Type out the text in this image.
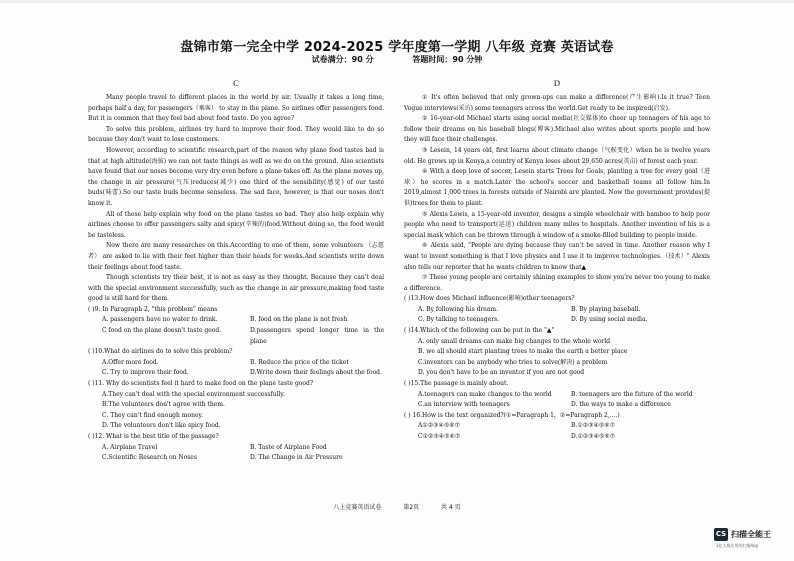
盘锦市第一完全中学 2024-2025 学年度第一学期 八年级 竞赛 英语试卷
试卷满分：90 分	答题时间：90 分钟
C

Many people travel to different places in the world by air. Usually it takes a long time, perhaps half a day, for passengers（乘客） to stay in the plane. So airlines offer passengers food. But it is common that they feel bad about food taste. Do you agree?

To solve this problem, airlines try hard to improve their food. They would like to do so because they don't want to lose customers.

However, according to scientific research,part of the reason why plane food tastes bad is that at high altitude(海拔) we can not taste things as well as we do on the ground. Also scientists have found that our noses become very dry even before a plane takes off. As the plane moves up, the change in air pressure(气压)reduces(减少) one third of the sensibility(感觉) of our taste buds(味蕾).So our taste buds become senseless. The sad face, however, is that our noses don't know it.

All of these help explain why food on the plane tastes so bad. They also help explain why airlines choose to offer passengers salty and spicy(辛辣的)food.Without doing so, the food would be tasteless.

Now there are many researches on this.According to one of them, some volunteers （志愿者） are asked to lie with their feet higher than their heads for weeks.And scientists write down their feelings about food taste.

Though scientists try their best, it is not as easy as they thought. Because they can't deal with the special environment successfully, such as the change in air pressure,making food taste good is still hard for them.

( )9. In Paragraph 2, "this problem" means

A. passengers have no water to drink.	B. food on the plane is not fresh
C food on the plane doesn't taste good.	D.passengers spend longer time in the plane

( )10.What do airlines do to solve this problem?

A.Offer more food.	B. Reduce the price of the ticket
C. Try to improve their food.	D.Write down their feelings about the food.

( )11. Why do scientists feel it hard to make food on the plane taste good?

A.They can't deal with the special environment successfully.
B.The volunteers don't agree with them.
C. They can't find enough money.
D. The volunteers don't like spicy food.

( )12. What is the best title of the passage?

A. Airplane Travel	B. Taste of Airplane Food
C.Scientific Research on Noses	D. The Change in Air Pressure
D

① It's often believed that only grown-ups can make a difference(产生影响).Is it true? Teen Vogue interviews(采访) some teenagers across the world.Get ready to be inspired(启发).

② 16-year-old Michael starts using social media(社交媒体)to cheer up teenagers of his age to follow their dreams on his baseball blogs(博客).Michael also writes about sports people and how they will face their challenges.

③ Lesein, 14 years old, first learns about climate change（气候变化）when he is twelve years old. He grows up in Kenya,a country of Kenya loses about 29,650 acres(英亩) of forest each year.

④ With a deep love of soccer, Lesein starts Trees for Goals, planting a tree for every goal（进球）he scores in a match.Later the school's soccer and basketball teams all follow him.In 2019,almost 1,000 trees in forests outside of Nairobi are planted. Now the government provides(提供)trees for them to plant.

⑤ Alexis Lewis, a 15-year-old inventor, designs a simple wheelchair with bamboo to help poor people who need to transport(运送) children many miles to hospitals. Another invention of his is a special mask which can be thrown through a window of a smoke-filled building to people inside.

⑥ Alexis said, "People are dying because they can't be saved in time. Another reason why I want to invent something is that I love physics and I use it to improve technologies.（技术）" Alexis also tells our reporter that he wants children to know that▲

⑦ These young people are certainly shining examples to show you're never too young to make a difference.

( )13.How does Michael influence(影响)other teenagers?

A. By following his dream.	B. By playing baseball.
C. By talking to teenagers.	D. By using social media.

( )14.Which of the following can be put in the "▲"

A. only small dreams can make big changes to the whole world
B. we all should start planting trees to make the earth a better place
C.inventors can be anybody who tries to solve(解决) a problem
D. you don't have to be an inventor if you are not good

( )15.The passage is mainly about.

A.teenagers can make changes to the world	B. teenagers are the future of the world
C.an interview with teenagers	D. the ways to make a difference

( ) 16.How is the text organized?(①=Paragraph 1，②=Paragraph 2,....)

A①②③④⑤⑥⑦	B.①②③④⑤⑥⑦
C①②③④⑤⑥⑦	D.①②③④⑤⑥⑦
八上竞赛英语试卷	第2页	共 4 页
CS 扫描全能王
3亿人都在用的扫描App
